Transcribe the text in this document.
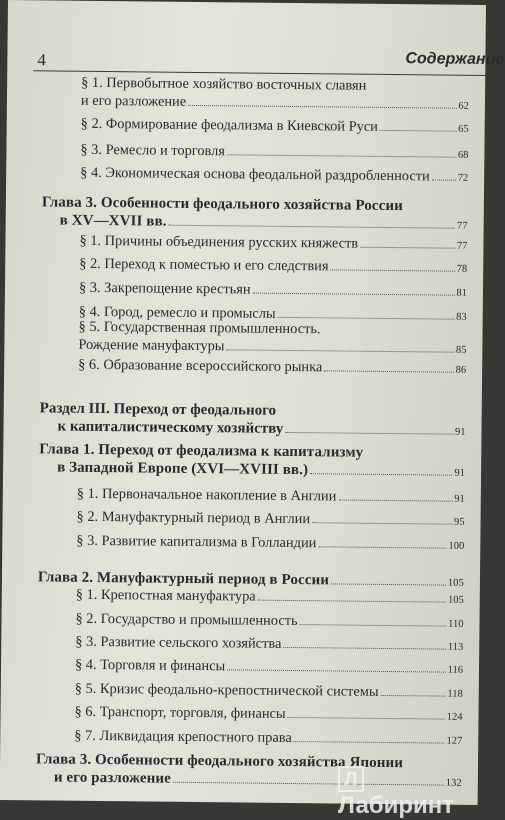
4	Содержание
§ 1. Первобытное хозяйство восточных славян
и его разложение	62
§ 2. Формирование феодализма в Киевской Руси	65
§ 3. Ремесло и торговля	68
§ 4. Экономическая основа феодальной раздробленности	72
Глава 3. Особенности феодального хозяйства России
в XV—XVII вв.	77
§ 1. Причины объединения русских княжеств	77
§ 2. Переход к поместью и его следствия	78
§ 3. Закрепощение крестьян	81
§ 4. Город, ремесло и промыслы	83
§ 5. Государственная промышленность.
Рождение мануфактуры	85
§ 6. Образование всероссийского рынка	86
Раздел III. Переход от феодального
к капиталистическому хозяйству	91
Глава 1. Переход от феодализма к капитализму
в Западной Европе (XVI—XVIII вв.)	91
§ 1. Первоначальное накопление в Англии	91
§ 2. Мануфактурный период в Англии	95
§ 3. Развитие капитализма в Голландии	100
Глава 2. Мануфактурный период в России	105
§ 1. Крепостная мануфактура	105
§ 2. Государство и промышленность	110
§ 3. Развитие сельского хозяйства	113
§ 4. Торговля и финансы	116
§ 5. Кризис феодально-крепостнической системы	118
§ 6. Транспорт, торговля, финансы	124
§ 7. Ликвидация крепостного права	127
Глава 3. Особенности феодального хозяйства Японии
и его разложение	132
ЛЛабиринт
